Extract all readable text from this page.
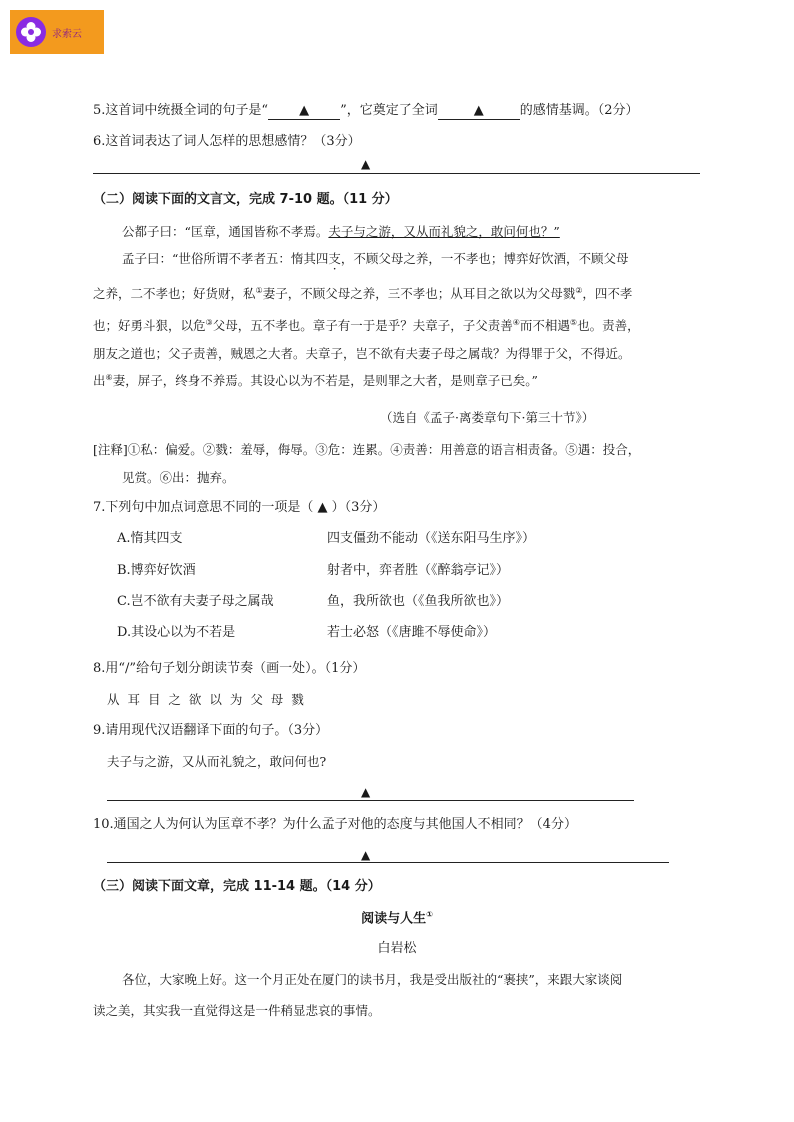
求索云
5.这首词中统摄全词的句子是“ ▲ ”，它奠定了全词	▲	的感情基调。（2分）
6.这首词表达了词人怎样的思想感情？（3分）
▲
（二）阅读下面的文言文，完成 7-10 题。（11 分）
公都子曰：“匡章，通国皆称不孝焉。夫子与之游，又从而礼貌之，敢问何也？”
孟子曰：“世俗所谓不孝者五：惰其四支，不顾父母之养，一不孝也；博弈好饮酒，不顾父母
之养，二不孝也；好货财，私①妻子，不顾父母之养，三不孝也；从耳目之欲以为父母戮②，四不孝
也；好勇斗狠，以危③父母，五不孝也。章子有一于是乎？夫章子，子父责善④而不相遇⑤也。责善，
朋友之道也；父子责善，贼恩之大者。夫章子，岂不欲有夫妻子母之属哉？为得罪于父，不得近。
出⑥妻，屏子，终身不养焉。其设心以为不若是，是则罪之大者，是则章子已矣。”
（选自《孟子·离娄章句下·第三十节》）
[注释]①私：偏爱。②戮：羞辱，侮辱。③危：连累。④责善：用善意的语言相责备。⑤遇：投合，
见赏。⑥出：抛弃。
7.下列句中加点词意思不同的一项是（ ▲ ）（3分）
A.惰其四支	四支僵劲不能动（《送东阳马生序》）
B.博弈好饮酒	射者中，弈者胜（《醉翁亭记》）
C.岂不欲有夫妻子母之属哉	鱼，我所欲也（《鱼我所欲也》）
D.其设心以为不若是	若士必怒（《唐雎不辱使命》）
8.用“/”给句子划分朗读节奏（画一处）。（1分）
从 耳 目 之 欲 以 为 父 母 戮
9.请用现代汉语翻译下面的句子。（3分）
夫子与之游，又从而礼貌之，敢问何也?
▲
10.通国之人为何认为匡章不孝？为什么孟子对他的态度与其他国人不相同？（4分）
▲
（三）阅读下面文章，完成 11-14 题。（14 分）
阅读与人生①
白岩松
各位，大家晚上好。这一个月正处在厦门的读书月，我是受出版社的“裹挟”，来跟大家谈阅
读之美，其实我一直觉得这是一件稍显悲哀的事情。
